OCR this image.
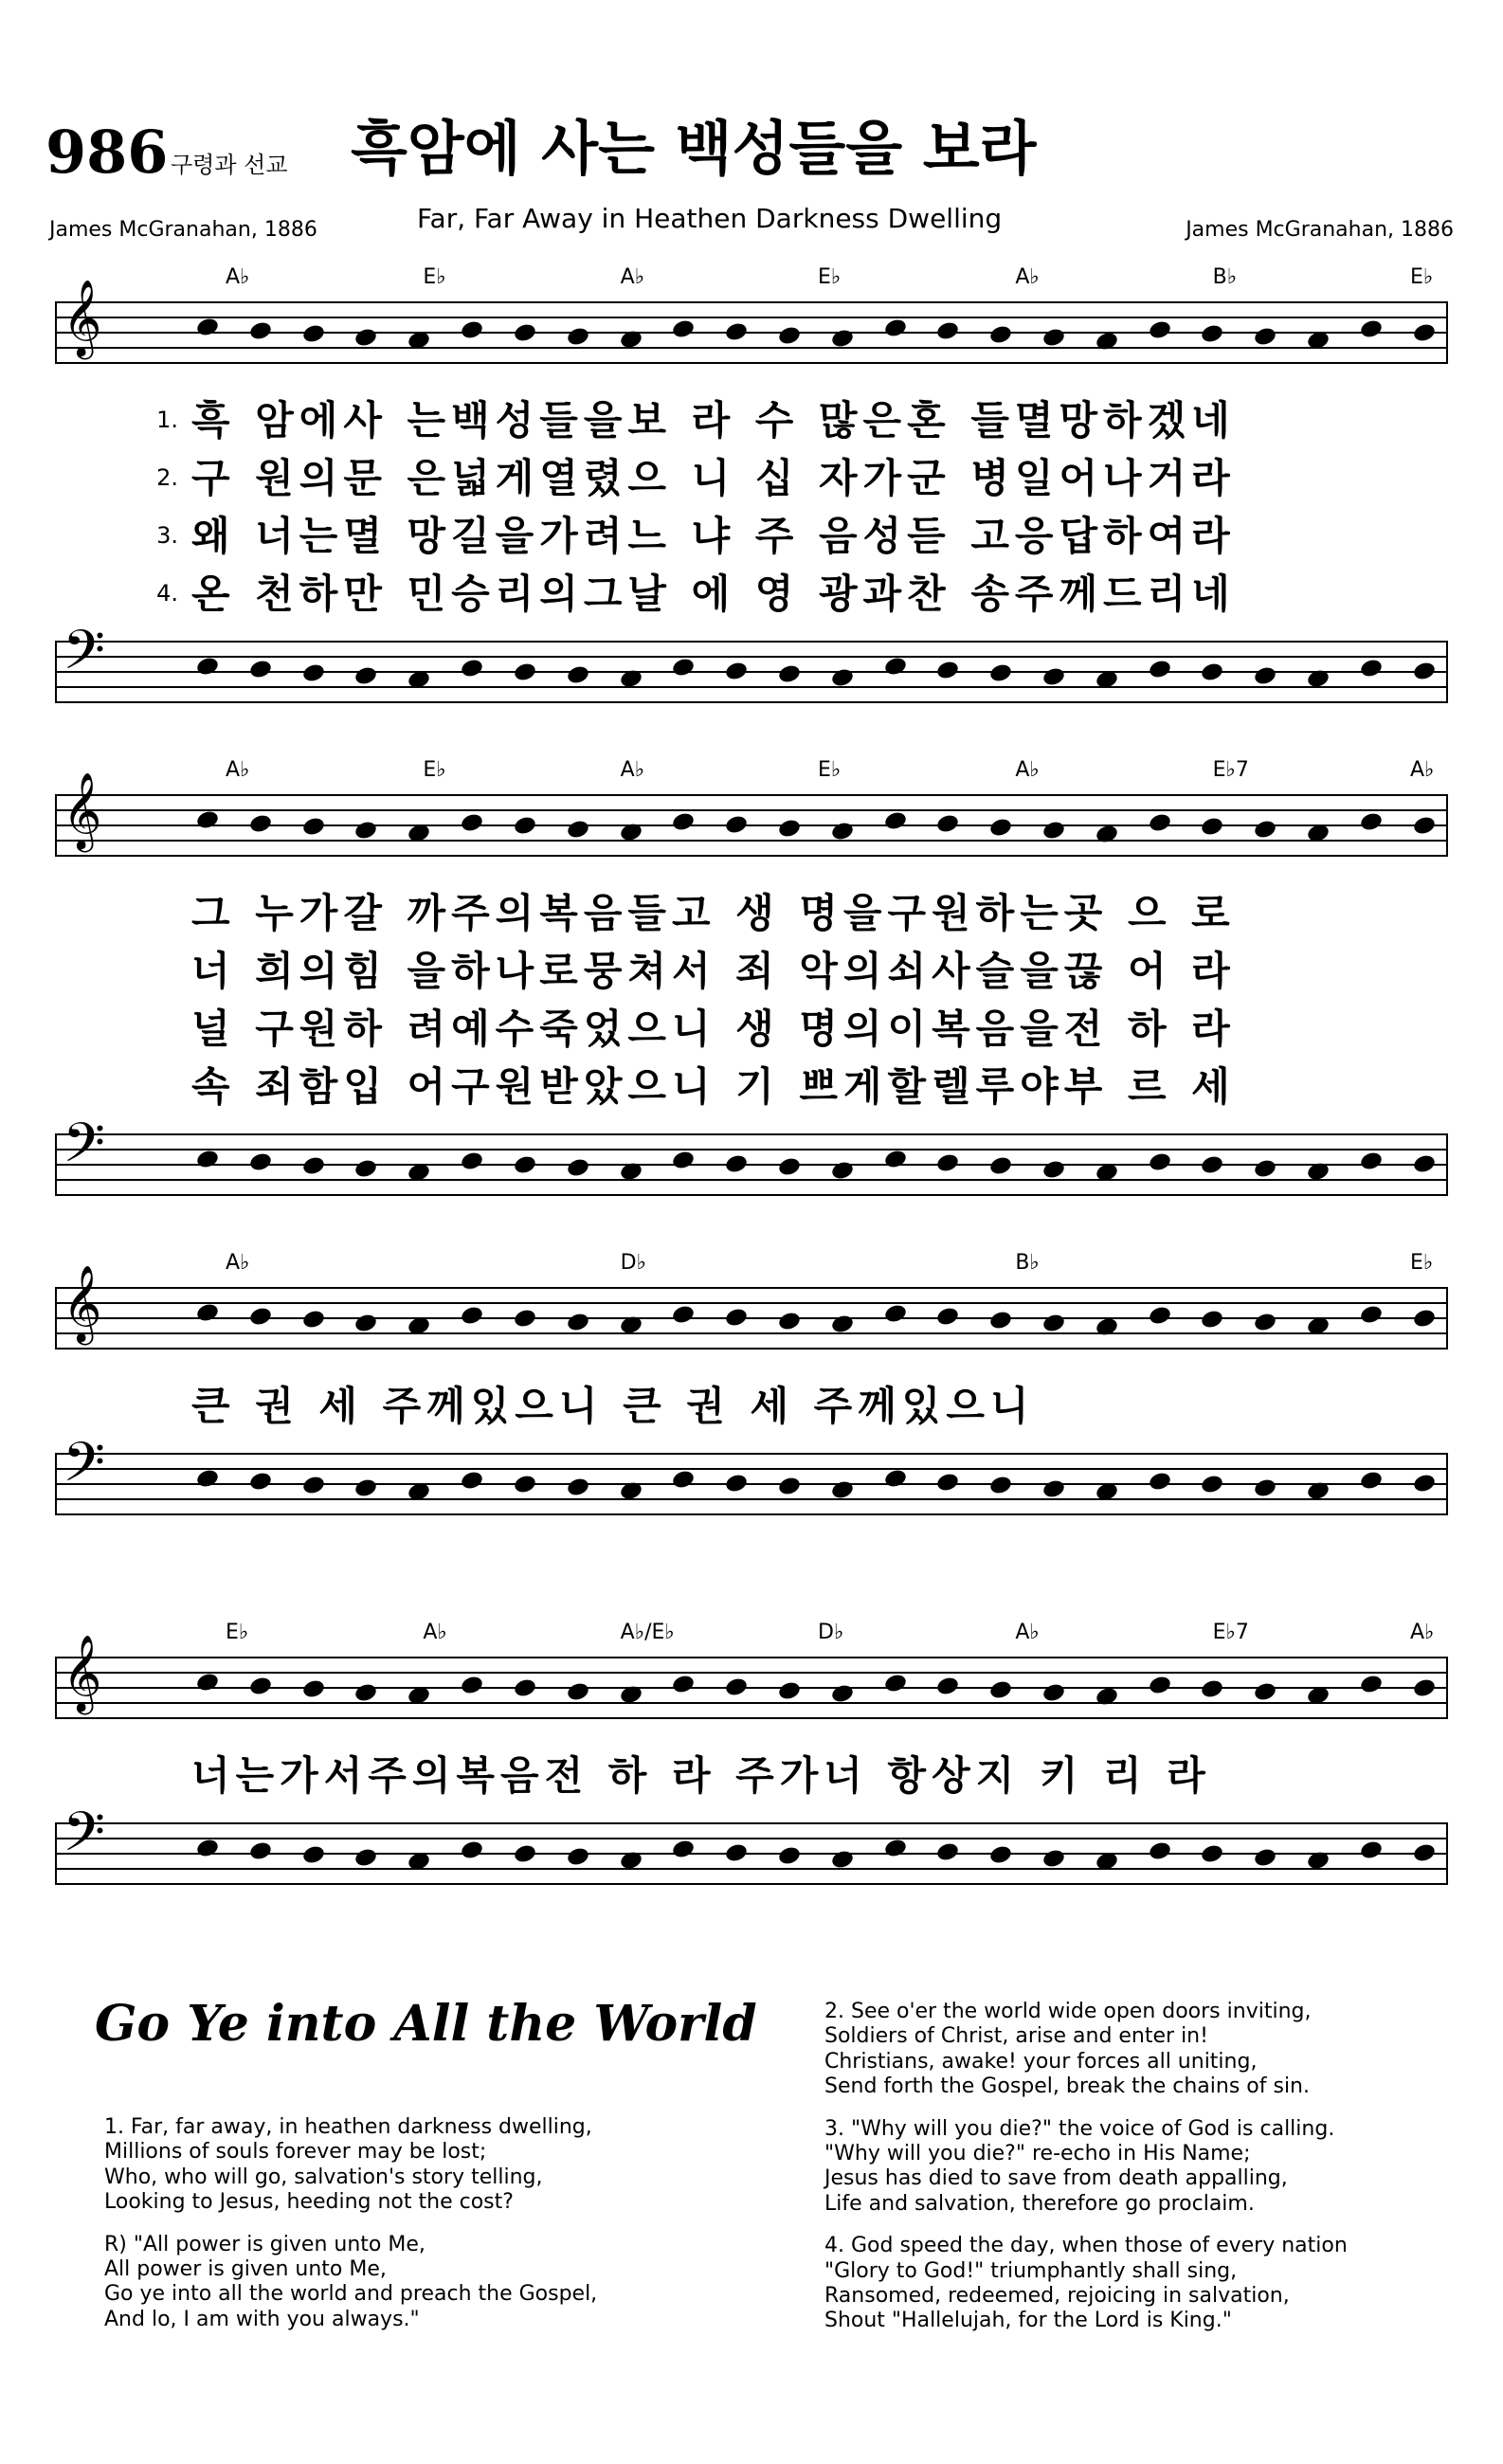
986 구령과 선교 흑암에 사는 백성들을 보라
Far, Far Away in Heathen Darkness Dwelling
James McGranahan, 1886	James McGranahan, 1886
A♭	E♭	A♭	E♭	A♭	B♭	E♭
𝄞
1. 흑 암에사 는백성들을보 라 수 많은혼 들멸망하겠네
2. 구 원의문 은넓게열렸으 니 십 자가군 병일어나거라
3. 왜 너는멸 망길을가려느 냐 주 음성듣 고응답하여라
4. 온 천하만 민승리의그날 에 영 광과찬 송주께드리네
𝄢
A♭	E♭	A♭	E♭	A♭	E♭7	A♭
𝄞
그 누가갈 까주의복음들고 생 명을구원하는곳 으 로
너 희의힘 을하나로뭉쳐서 죄 악의쇠사슬을끊 어 라
널 구원하 려예수죽었으니 생 명의이복음을전 하 라
속 죄함입 어구원받았으니 기 쁘게할렐루야부 르 세
𝄢
A♭	D♭	B♭	E♭
𝄞
큰 권 세 주께있으니 큰 권 세 주께있으니
𝄢
E♭	A♭	A♭/E♭	D♭	A♭	E♭7	A♭
𝄞
너는가서주의복음전 하 라 주가너 항상지 키 리 라
𝄢
Go Ye into All the World

1. Far, far away, in heathen darkness dwelling,
Millions of souls forever may be lost;
Who, who will go, salvation's story telling,
Looking to Jesus, heeding not the cost?

R) "All power is given unto Me,
All power is given unto Me,
Go ye into all the world and preach the Gospel,
And lo, I am with you always."

2. See o'er the world wide open doors inviting,
Soldiers of Christ, arise and enter in!
Christians, awake! your forces all uniting,
Send forth the Gospel, break the chains of sin.

3. "Why will you die?" the voice of God is calling.
"Why will you die?" re-echo in His Name;
Jesus has died to save from death appalling,
Life and salvation, therefore go proclaim.

4. God speed the day, when those of every nation
"Glory to God!" triumphantly shall sing,
Ransomed, redeemed, rejoicing in salvation,
Shout "Hallelujah, for the Lord is King."
